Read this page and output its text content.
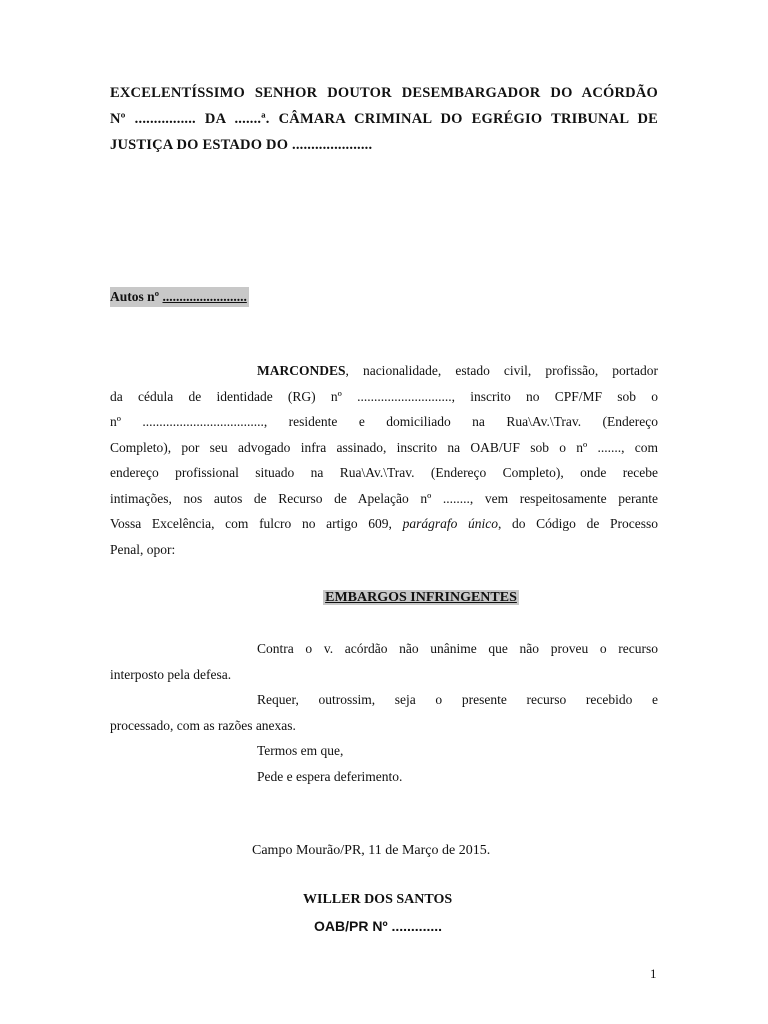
EXCELENTÍSSIMO SENHOR DOUTOR DESEMBARGADOR DO ACÓRDÃO
Nº ................ DA .......ª. CÂMARA CRIMINAL DO EGRÉGIO TRIBUNAL DE
JUSTIÇA DO ESTADO DO .....................
Autos nº .........................
MARCONDES, nacionalidade, estado civil, profissão, portador
da cédula de identidade (RG) nº ............................, inscrito no CPF/MF sob o
nº ...................................., residente e domiciliado na Rua\Av.\Trav. (Endereço
Completo), por seu advogado infra assinado, inscrito na OAB/UF sob o nº ......., com
endereço profissional situado na Rua\Av.\Trav. (Endereço Completo), onde recebe
intimações, nos autos de Recurso de Apelação nº ........, vem respeitosamente perante
Vossa Excelência, com fulcro no artigo 609, parágrafo único, do Código de Processo
Penal, opor:
EMBARGOS INFRINGENTES
Contra o v. acórdão não unânime que não proveu o recurso
interposto pela defesa.
Requer, outrossim, seja o presente recurso recebido e
processado, com as razões anexas.
Termos em que,
Pede e espera deferimento.
Campo Mourão/PR, 11 de Março de 2015.
WILLER DOS SANTOS
OAB/PR Nº .............
1
